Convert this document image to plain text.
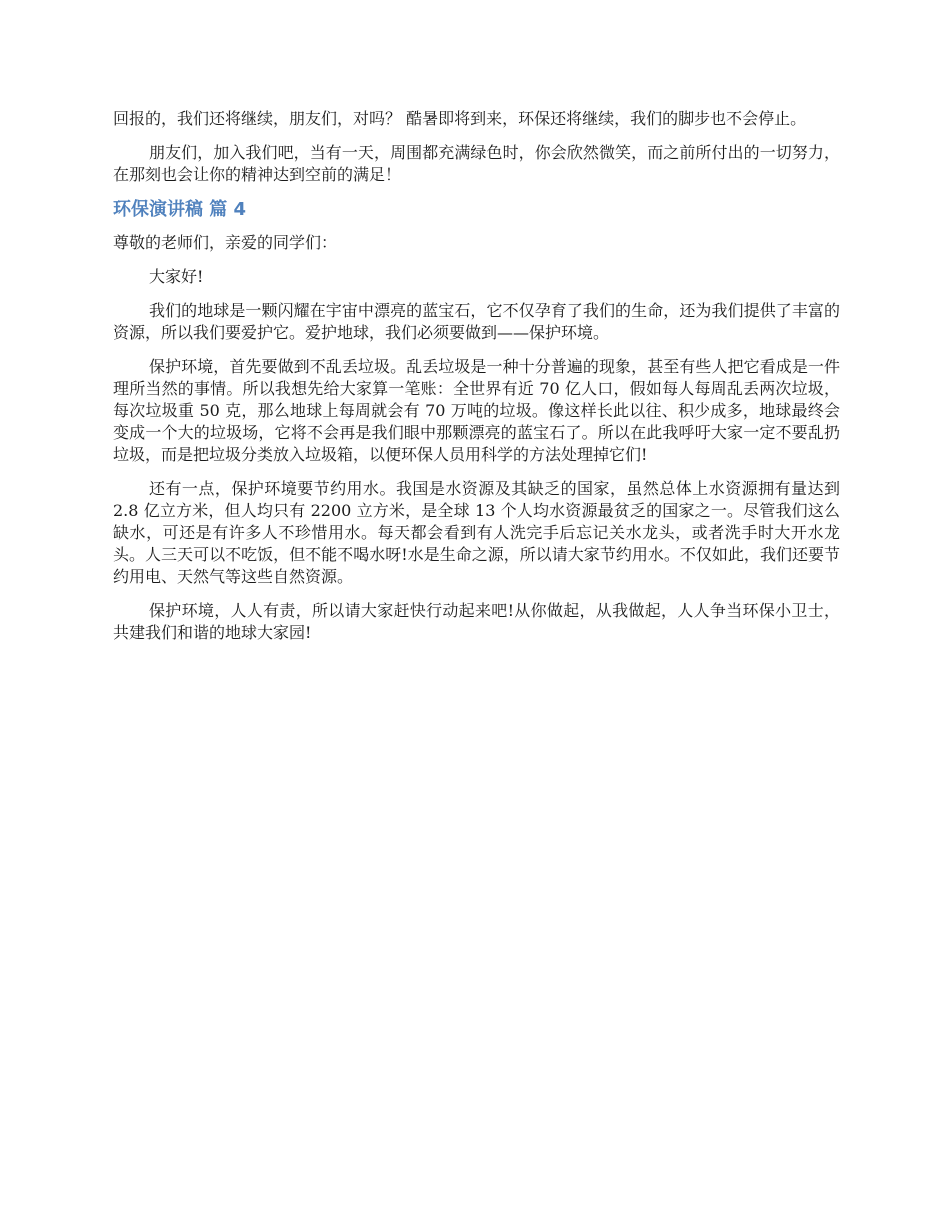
回报的，我们还将继续，朋友们，对吗？ 酷暑即将到来，环保还将继续，我们的脚步也不会停止。

朋友们，加入我们吧，当有一天，周围都充满绿色时，你会欣然微笑，而之前所付出的一切努力，在那刻也会让你的精神达到空前的满足！

环保演讲稿 篇 4

尊敬的老师们，亲爱的同学们：

大家好!

我们的地球是一颗闪耀在宇宙中漂亮的蓝宝石，它不仅孕育了我们的生命，还为我们提供了丰富的资源，所以我们要爱护它。爱护地球，我们必须要做到——保护环境。

保护环境，首先要做到不乱丢垃圾。乱丢垃圾是一种十分普遍的现象，甚至有些人把它看成是一件理所当然的事情。所以我想先给大家算一笔账：全世界有近 70 亿人口，假如每人每周乱丢两次垃圾，每次垃圾重 50 克，那么地球上每周就会有 70 万吨的垃圾。像这样长此以往、积少成多，地球最终会变成一个大的垃圾场，它将不会再是我们眼中那颗漂亮的蓝宝石了。所以在此我呼吁大家一定不要乱扔垃圾，而是把垃圾分类放入垃圾箱，以便环保人员用科学的方法处理掉它们!

还有一点，保护环境要节约用水。我国是水资源及其缺乏的国家，虽然总体上水资源拥有量达到 2.8 亿立方米，但人均只有 2200 立方米，是全球 13 个人均水资源最贫乏的国家之一。尽管我们这么缺水，可还是有许多人不珍惜用水。每天都会看到有人洗完手后忘记关水龙头，或者洗手时大开水龙头。人三天可以不吃饭，但不能不喝水呀!水是生命之源，所以请大家节约用水。不仅如此，我们还要节约用电、天然气等这些自然资源。

保护环境，人人有责，所以请大家赶快行动起来吧!从你做起，从我做起，人人争当环保小卫士，共建我们和谐的地球大家园!
